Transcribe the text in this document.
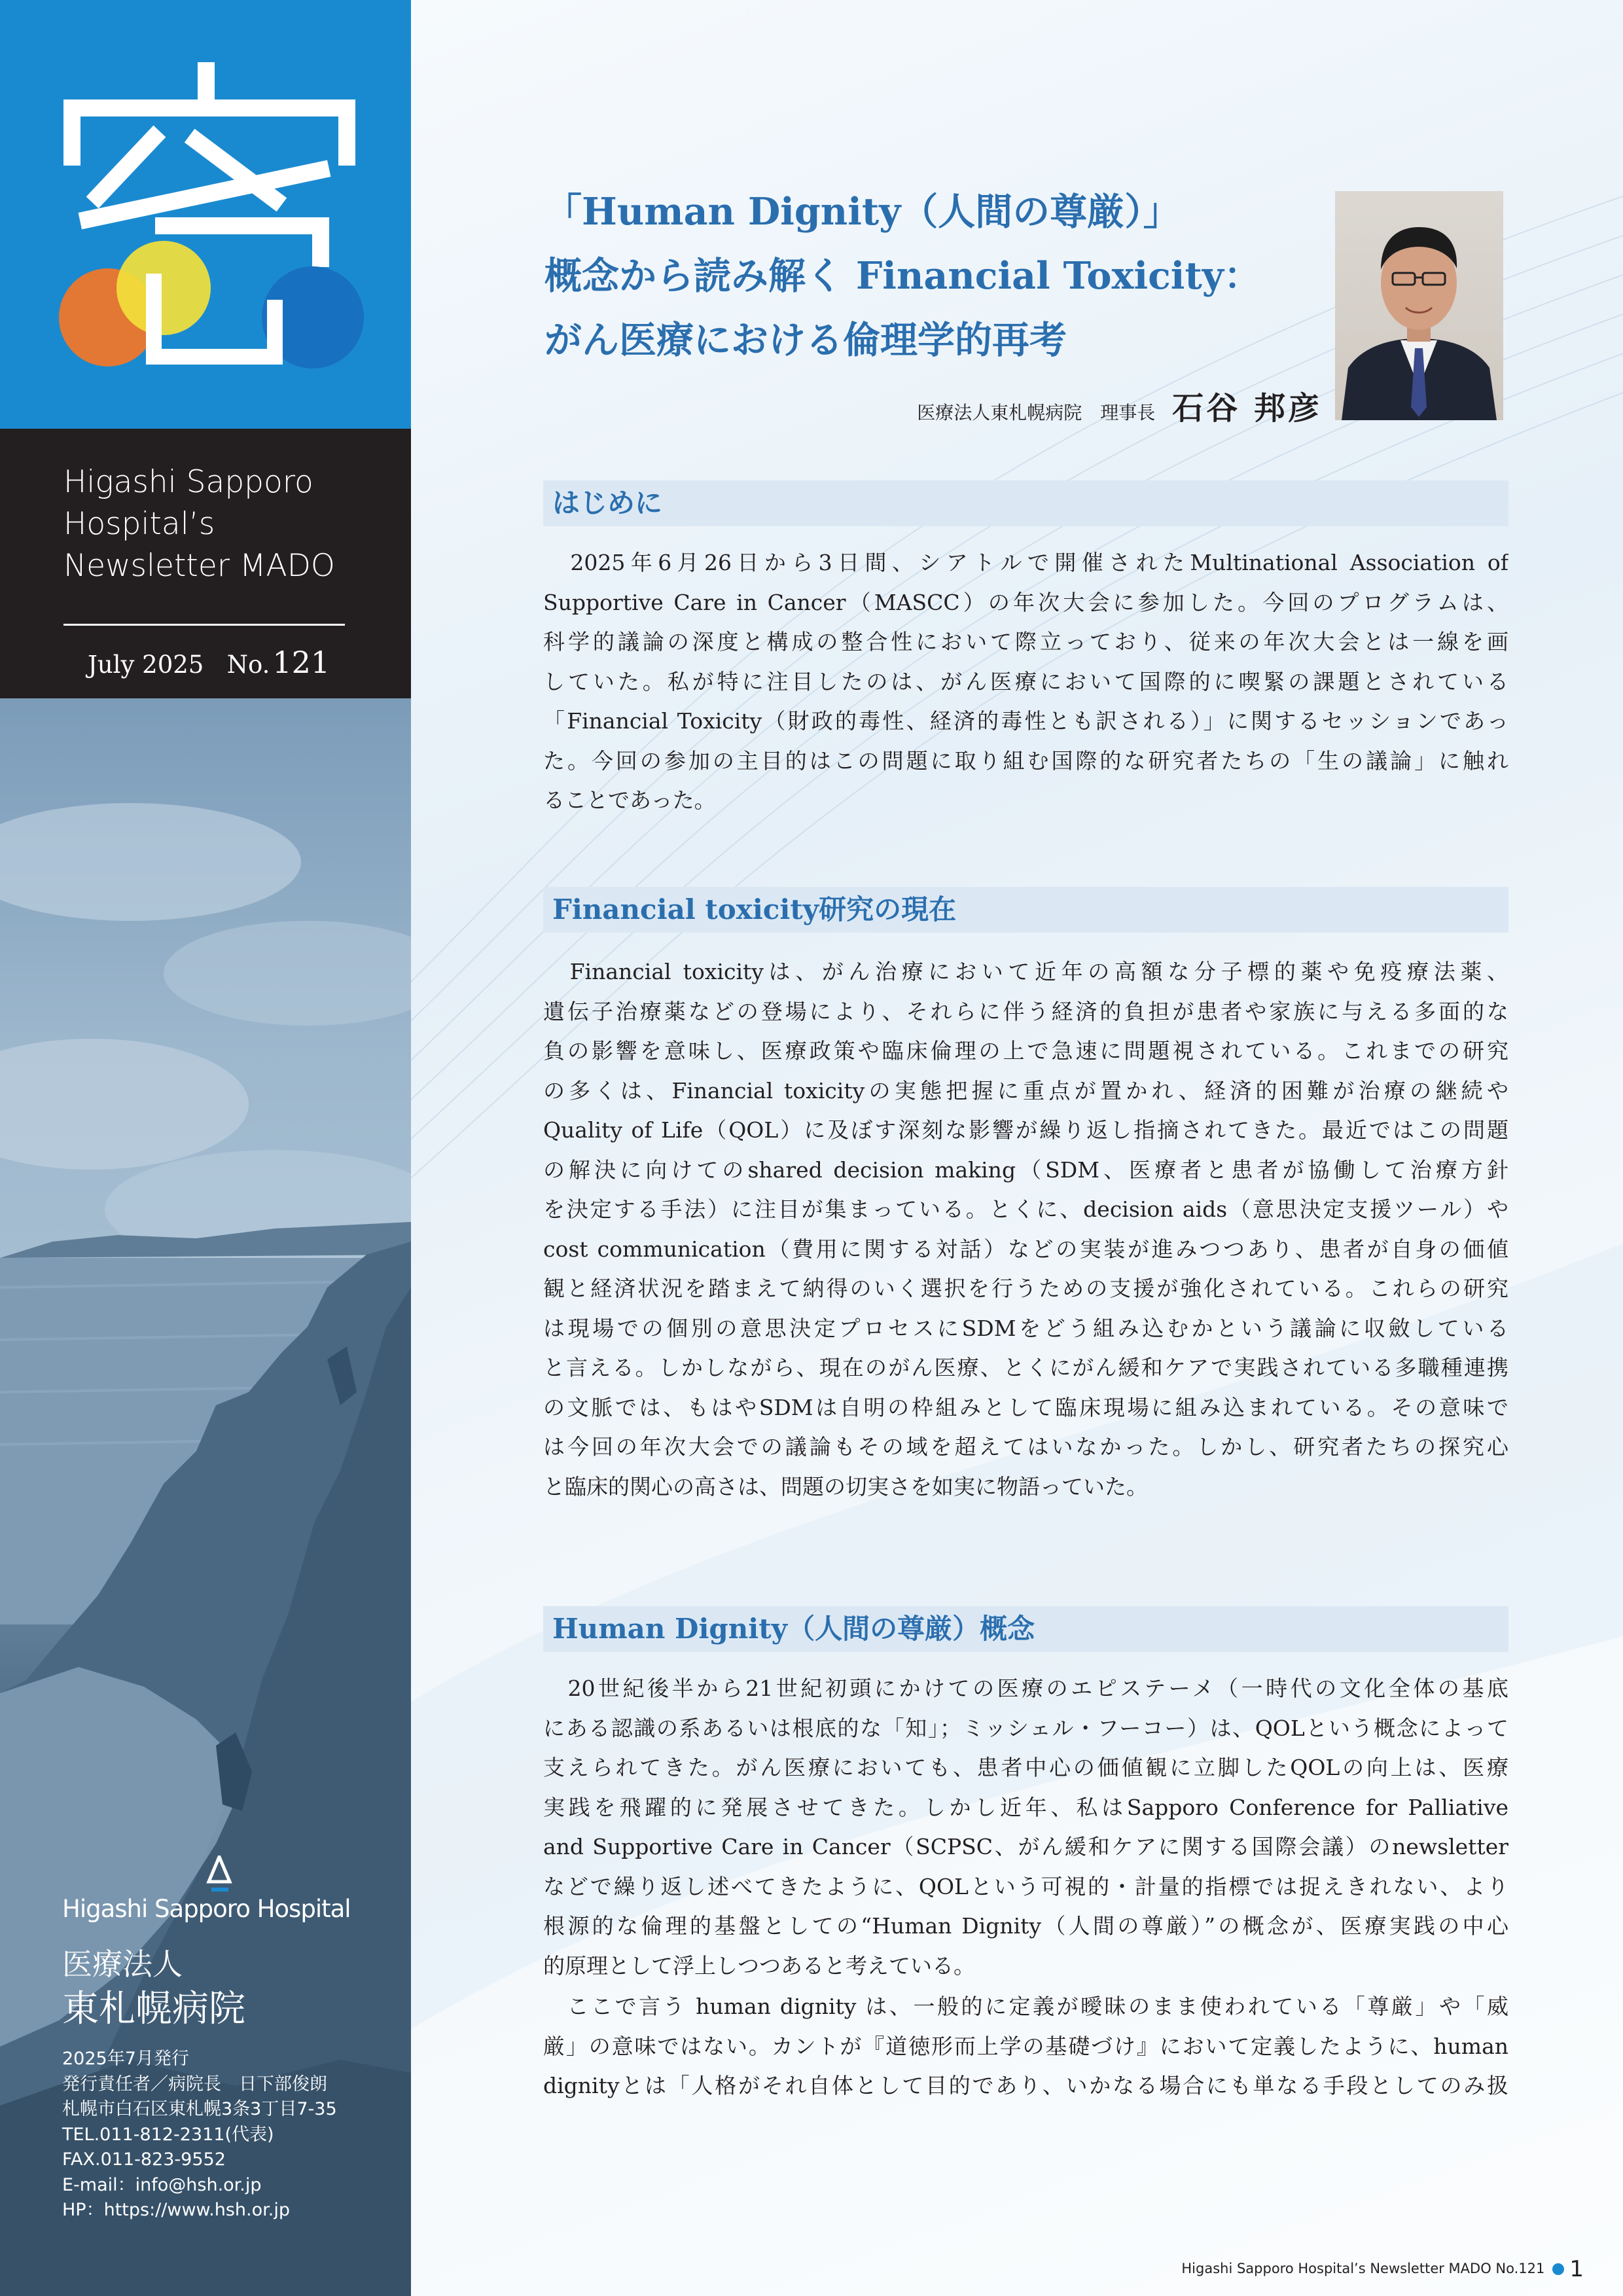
Higashi Sapporo
Hospital’s
Newsletter MADO
July 2025 No.121
Higashi Sapporo Hospital
医療法人
東札幌病院
2025年7月発行
発行責任者／病院長　日下部俊朗
札幌市白石区東札幌3条3丁目7-35
TEL.011-812-2311(代表)
FAX.011-823-9552
E-mail：info@hsh.or.jp
HP：https://www.hsh.or.jp
「Human Dignity（人間の尊厳）」
概念から読み解く Financial Toxicity：
がん医療における倫理学的再考
医療法人東札幌病院　理事長 石谷 邦彦
はじめに
　2025年6月26日から3日間、シアトルで開催されたMultinational Association of
Supportive Care in Cancer（MASCC）の年次大会に参加した。今回のプログラムは、
科学的議論の深度と構成の整合性において際立っており、従来の年次大会とは一線を画
していた。私が特に注目したのは、がん医療において国際的に喫緊の課題とされている
「Financial Toxicity（財政的毒性、経済的毒性とも訳される）」に関するセッションであっ
た。今回の参加の主目的はこの問題に取り組む国際的な研究者たちの「生の議論」に触れ
ることであった。
Financial toxicity研究の現在
　Financial toxicityは、がん治療において近年の高額な分子標的薬や免疫療法薬、
遺伝子治療薬などの登場により、それらに伴う経済的負担が患者や家族に与える多面的な
負の影響を意味し、医療政策や臨床倫理の上で急速に問題視されている。これまでの研究
の多くは、Financial toxicityの実態把握に重点が置かれ、経済的困難が治療の継続や
Quality of Life（QOL）に及ぼす深刻な影響が繰り返し指摘されてきた。最近ではこの問題
の解決に向けてのshared decision making（SDM、医療者と患者が協働して治療方針
を決定する手法）に注目が集まっている。とくに、decision aids（意思決定支援ツール）や
cost communication（費用に関する対話）などの実装が進みつつあり、患者が自身の価値
観と経済状況を踏まえて納得のいく選択を行うための支援が強化されている。これらの研究
は現場での個別の意思決定プロセスにSDMをどう組み込むかという議論に収斂している
と言える。しかしながら、現在のがん医療、とくにがん緩和ケアで実践されている多職種連携
の文脈では、もはやSDMは自明の枠組みとして臨床現場に組み込まれている。その意味で
は今回の年次大会での議論もその域を超えてはいなかった。しかし、研究者たちの探究心
と臨床的関心の高さは、問題の切実さを如実に物語っていた。
Human Dignity（人間の尊厳）概念
　20世紀後半から21世紀初頭にかけての医療のエピステーメ（一時代の文化全体の基底
にある認識の系あるいは根底的な「知」；ミッシェル・フーコー）は、QOLという概念によって
支えられてきた。がん医療においても、患者中心の価値観に立脚したQOLの向上は、医療
実践を飛躍的に発展させてきた。しかし近年、私はSapporo Conference for Palliative
and Supportive Care in Cancer（SCPSC、がん緩和ケアに関する国際会議）のnewsletter
などで繰り返し述べてきたように、QOLという可視的・計量的指標では捉えきれない、より
根源的な倫理的基盤としての“Human Dignity（人間の尊厳）”の概念が、医療実践の中心
的原理として浮上しつつあると考えている。
　ここで言う human dignity は、一般的に定義が曖昧のまま使われている「尊厳」や「威
厳」の意味ではない。カントが『道徳形而上学の基礎づけ』において定義したように、human
dignityとは「人格がそれ自体として目的であり、いかなる場合にも単なる手段としてのみ扱
Higashi Sapporo Hospital’s Newsletter MADO No.121 1
